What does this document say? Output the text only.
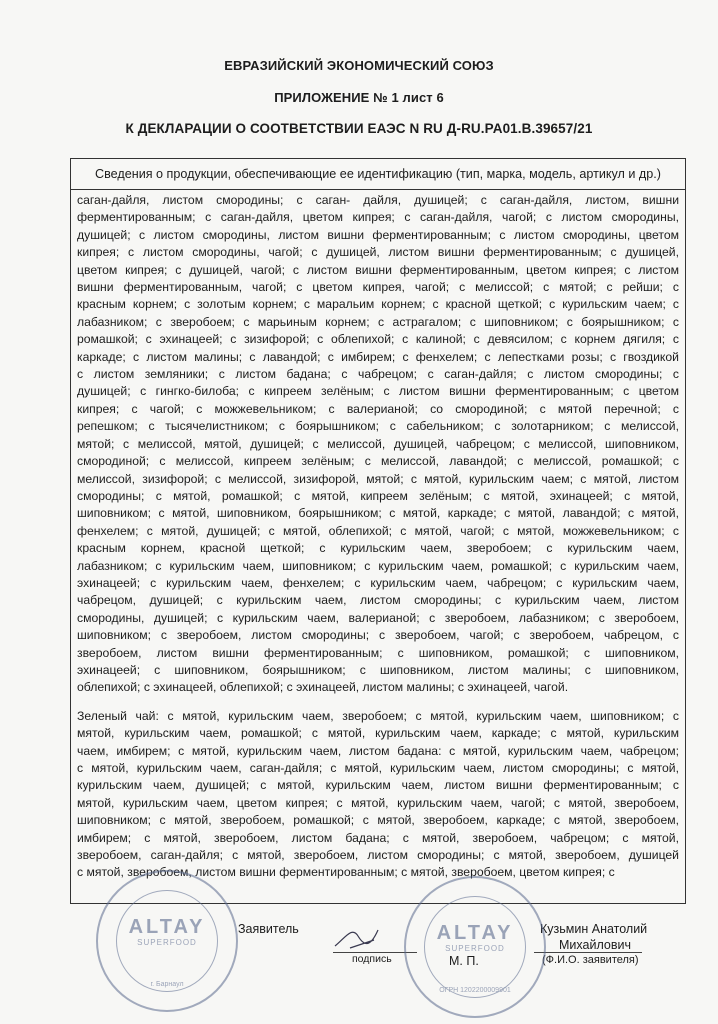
ЕВРАЗИЙСКИЙ ЭКОНОМИЧЕСКИЙ СОЮЗ
ПРИЛОЖЕНИЕ № 1 лист 6
К ДЕКЛАРАЦИИ О СООТВЕТСТВИИ ЕАЭС N RU Д-RU.PA01.B.39657/21
Сведения о продукции, обеспечивающие ее идентификацию (тип, марка, модель, артикул и др.)
саган-дайля, листом смородины; с саган- дайля, душицей; с саган-дайля, листом, вишни
ферментированным; с саган-дайля, цветом кипрея; с саган-дайля, чагой; с листом смородины,
душицей; с листом смородины, листом вишни ферментированным; с листом смородины, цветом
кипрея; с листом смородины, чагой; с душицей, листом вишни ферментированным; с душицей,
цветом кипрея; с душицей, чагой; с листом вишни ферментированным, цветом кипрея; с листом
вишни ферментированным, чагой; с цветом кипрея, чагой; с мелиссой; с мятой; с рейши; с
красным корнем; с золотым корнем; с маральим корнем; с красной щеткой; с курильским чаем; с
лабазником; с зверобоем; с марьиным корнем; с астрагалом; с шиповником; с боярышником; с
ромашкой; с эхинацеей; с зизифорой; с облепихой; с калиной; с девясилом; с корнем дягиля; с
каркаде; с листом малины; с лавандой; с имбирем; с фенхелем; с лепестками розы; с гвоздикой
с листом земляники; с листом бадана; с чабрецом; с саган-дайля; с листом смородины; с
душицей; с гингко-билоба; с кипреем зелёным; с листом вишни ферментированным; с цветом
кипрея; с чагой; с можжевельником; с валерианой; со смородиной; с мятой перечной; с
репешком; с тысячелистником; с боярышником; с сабельником; с золотарником; с мелиссой,
мятой; с мелиссой, мятой, душицей; с мелиссой, душицей, чабрецом; с мелиссой, шиповником,
смородиной; с мелиссой, кипреем зелёным; с мелиссой, лавандой; с мелиссой, ромашкой; с
мелиссой, зизифорой; с мелиссой, зизифорой, мятой; с мятой, курильским чаем; с мятой, листом
смородины; с мятой, ромашкой; с мятой, кипреем зелёным; с мятой, эхинацеей; с мятой,
шиповником; с мятой, шиповником, боярышником; с мятой, каркаде; с мятой, лавандой; с мятой,
фенхелем; с мятой, душицей; с мятой, облепихой; с мятой, чагой; с мятой, можжевельником; с
красным корнем, красной щеткой; с курильским чаем, зверобоем; с курильским чаем,
лабазником; с курильским чаем, шиповником; с курильским чаем, ромашкой; с курильским чаем,
эхинацеей; с курильским чаем, фенхелем; с курильским чаем, чабрецом; с курильским чаем,
чабрецом, душицей; с курильским чаем, листом смородины; с курильским чаем, листом
смородины, душицей; с курильским чаем, валерианой; с зверобоем, лабазником; с зверобоем,
шиповником; с зверобоем, листом смородины; с зверобоем, чагой; с зверобоем, чабрецом, с
зверобоем, листом вишни ферментированным; с шиповником, ромашкой; с шиповником,
эхинацеей; с шиповником, боярышником; с шиповником, листом малины; с шиповником,
облепихой; с эхинацеей, облепихой; с эхинацеей, листом малины; с эхинацеей, чагой.
Зеленый чай: с мятой, курильским чаем, зверобоем; с мятой, курильским чаем, шиповником; с
мятой, курильским чаем, ромашкой; с мятой, курильским чаем, каркаде; с мятой, курильским
чаем, имбирем; с мятой, курильским чаем, листом бадана: с мятой, курильским чаем, чабрецом;
с мятой, курильским чаем, саган-дайля; с мятой, курильским чаем, листом смородины; с мятой,
курильским чаем, душицей; с мятой, курильским чаем, листом вишни ферментированным; с
мятой, курильским чаем, цветом кипрея; с мятой, курильским чаем, чагой; с мятой, зверобоем,
шиповником; с мятой, зверобоем, ромашкой; с мятой, зверобоем, каркаде; с мятой, зверобоем,
имбирем; с мятой, зверобоем, листом бадана; с мятой, зверобоем, чабрецом; с мятой,
зверобоем, саган-дайля; с мятой, зверобоем, листом смородины; с мятой, зверобоем, душицей
с мятой, зверобоем, листом вишни ферментированным; с мятой, зверобоем, цветом кипрея; с
Заявитель
подпись	М. П.
Кузьмин Анатолий
Михайлович
(Ф.И.О. заявителя)
ALTAY
SUPERFOOD
г. Барнаул
ALTAY
SUPERFOOD
ОГРН 1202200009901
